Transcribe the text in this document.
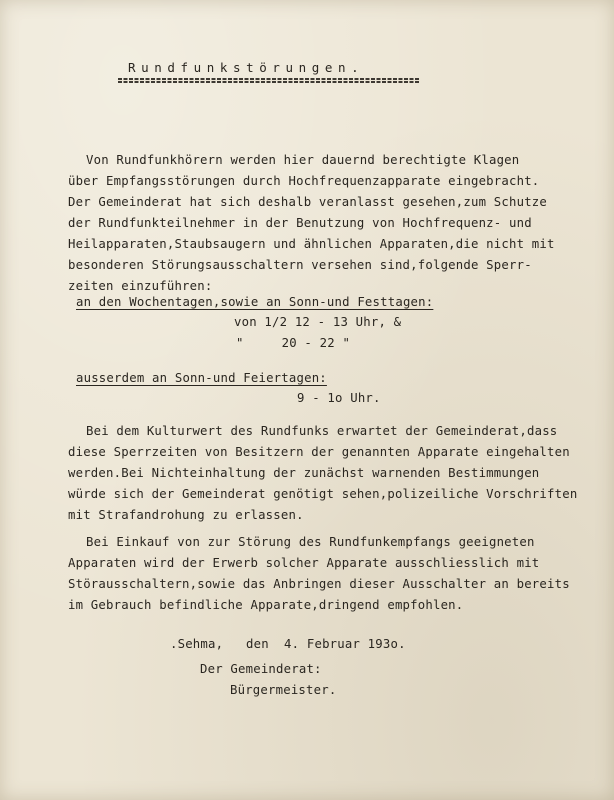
Rundfunkstörungen.
Von Rundfunkhörern werden hier dauernd berechtigte Klagen
über Empfangsstörungen durch Hochfrequenzapparate eingebracht.
Der Gemeinderat hat sich deshalb veranlasst gesehen,zum Schutze
der Rundfunkteilnehmer in der Benutzung von Hochfrequenz- und
Heilapparaten,Staubsaugern und ähnlichen Apparaten,die nicht mit
besonderen Störungsausschaltern versehen sind,folgende Sperr-
zeiten einzuführen:
an den Wochentagen,sowie an Sonn-und Festtagen:
von 1/2 12 - 13 Uhr, &
"     20 - 22 "
ausserdem an Sonn-und Feiertagen:
9 - 1o Uhr.
Bei dem Kulturwert des Rundfunks erwartet der Gemeinderat,dass
diese Sperrzeiten von Besitzern der genannten Apparate eingehalten
werden.Bei Nichteinhaltung der zunächst warnenden Bestimmungen
würde sich der Gemeinderat genötigt sehen,polizeiliche Vorschriften
mit Strafandrohung zu erlassen.
Bei Einkauf von zur Störung des Rundfunkempfangs geeigneten
Apparaten wird der Erwerb solcher Apparate ausschliesslich mit
Störausschaltern,sowie das Anbringen dieser Ausschalter an bereits
im Gebrauch befindliche Apparate,dringend empfohlen.
.Sehma,   den  4. Februar 193o.
Der Gemeinderat:
Bürgermeister.
